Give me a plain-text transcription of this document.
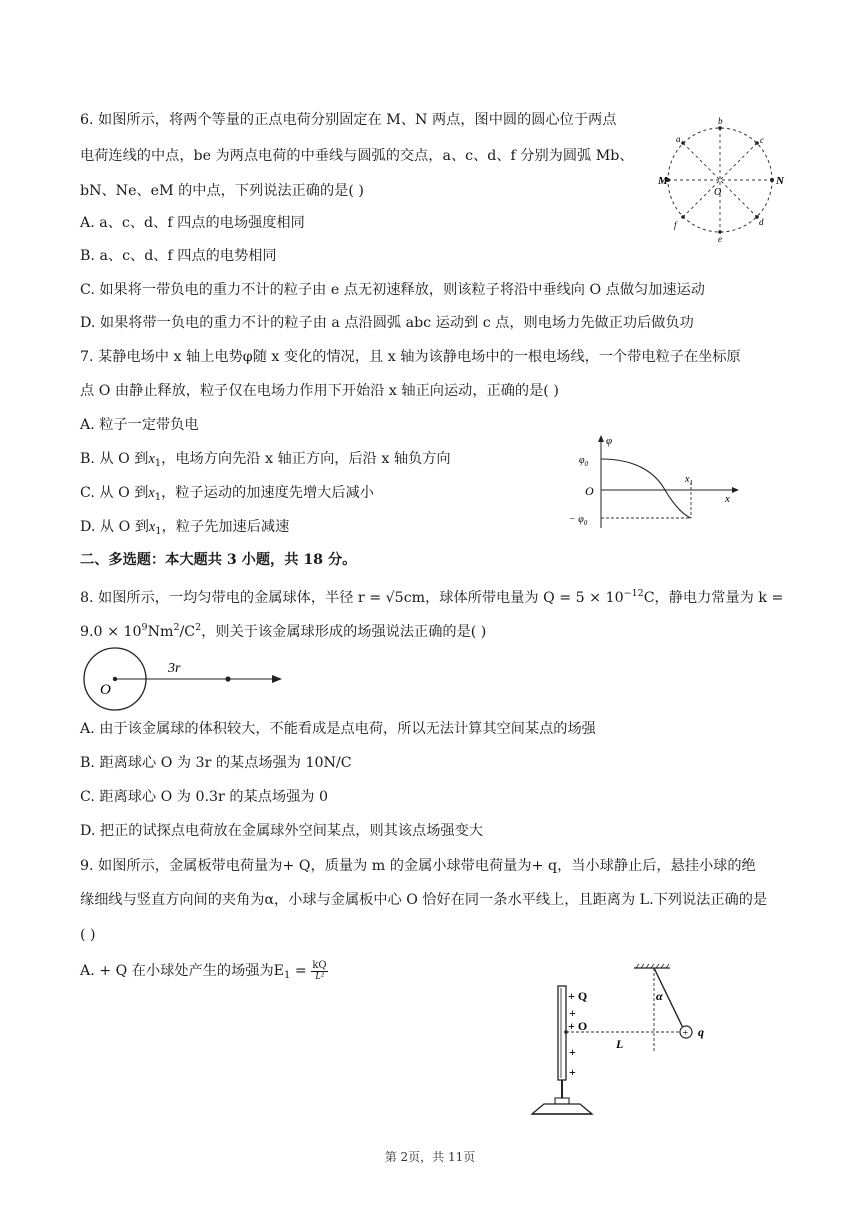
6. 如图所示，将两个等量的正点电荷分别固定在 M、N 两点，图中圆的圆心位于两点
电荷连线的中点，be 为两点电荷的中垂线与圆弧的交点，a、c、d、f 分别为圆弧 Mb、
bN、Ne、eM 的中点，下列说法正确的是( )
A. a、c、d、f 四点的电场强度相同
B. a、c、d、f 四点的电势相同
C. 如果将一带负电的重力不计的粒子由 e 点无初速释放，则该粒子将沿中垂线向 O 点做匀加速运动
D. 如果将带一负电的重力不计的粒子由 a 点沿圆弧 abc 运动到 c 点，则电场力先做正功后做负功
a
b
c
d
e
f
M	N
O
7. 某静电场中 x 轴上电势φ随 x 变化的情况，且 x 轴为该静电场中的一根电场线，一个带电粒子在坐标原
点 O 由静止释放，粒子仅在电场力作用下开始沿 x 轴正向运动，正确的是( )
A. 粒子一定带负电
B. 从 O 到$x_1$，电场方向先沿 x 轴正方向，后沿 x 轴负方向
C. 从 O 到$x_1$，粒子运动的加速度先增大后减小
D. 从 O 到$x_1$，粒子先加速后减速
φ
$\varphi_0$
O
x
$x_1$
− $\varphi_0$
二、多选题：本大题共 3 小题，共 18 分。
8. 如图所示，一均匀带电的金属球体，半径 r = √5cm，球体所带电量为 $Q = 5 \times 10^{-12}C$，静电力常量为 k =
$9.0 \times 10^9Nm^2/C^2$，则关于该金属球形成的场强说法正确的是( )
O
3r
A. 由于该金属球的体积较大，不能看成是点电荷，所以无法计算其空间某点的场强
B. 距离球心 O 为 3r 的某点场强为 10N/C
C. 距离球心 O 为 0.3r 的某点场强为 0
D. 把正的试探点电荷放在金属球外空间某点，则其该点场强变大
9. 如图所示，金属板带电荷量为+ Q，质量为 m 的金属小球带电荷量为+ q，当小球静止后，悬挂小球的绝
缘细线与竖直方向间的夹角为α，小球与金属板中心 O 恰好在同一条水平线上，且距离为 L.下列说法正确的是
( )
A. + Q 在小球处产生的场强为$E_1 = \frac{kQ}{\text{L²}}$
+
+ Q
+ O
+
+
+
L
α
q
第 2页，共 11页
